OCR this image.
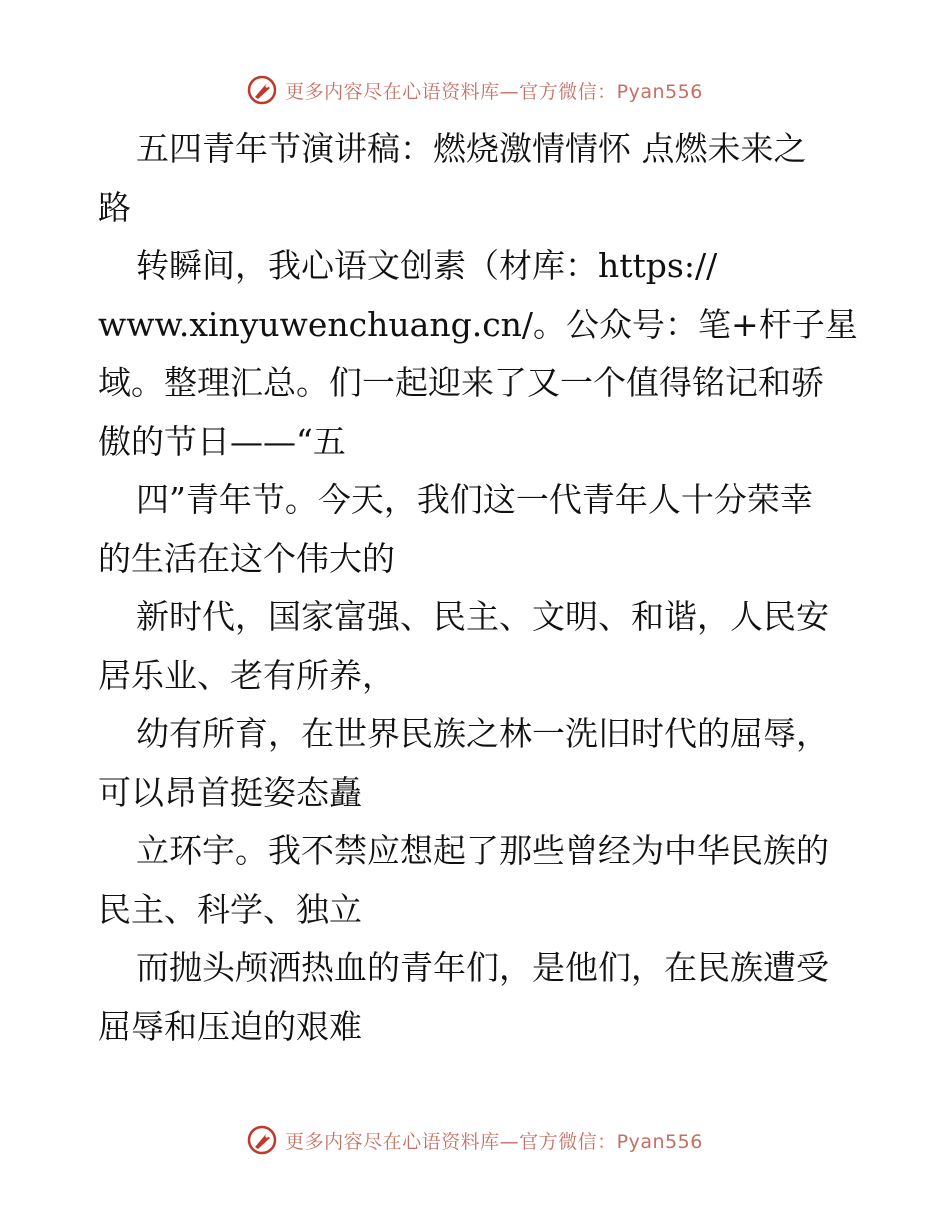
更多内容尽在心语资料库—官方微信：Pyan556
五四青年节演讲稿：燃烧激情情怀 点燃未来之
路
转瞬间，我心语文创素（材库：https://
www.xinyuwenchuang.cn/。公众号：笔+杆子星
域。整理汇总。们一起迎来了又一个值得铭记和骄
傲的节日——“五
四”青年节。今天，我们这一代青年人十分荣幸
的生活在这个伟大的
新时代，国家富强、民主、文明、和谐，人民安
居乐业、老有所养，
幼有所育，在世界民族之林一洗旧时代的屈辱，
可以昂首挺姿态矗
立环宇。我不禁应想起了那些曾经为中华民族的
民主、科学、独立
而抛头颅洒热血的青年们，是他们，在民族遭受
屈辱和压迫的艰难
更多内容尽在心语资料库—官方微信：Pyan556
